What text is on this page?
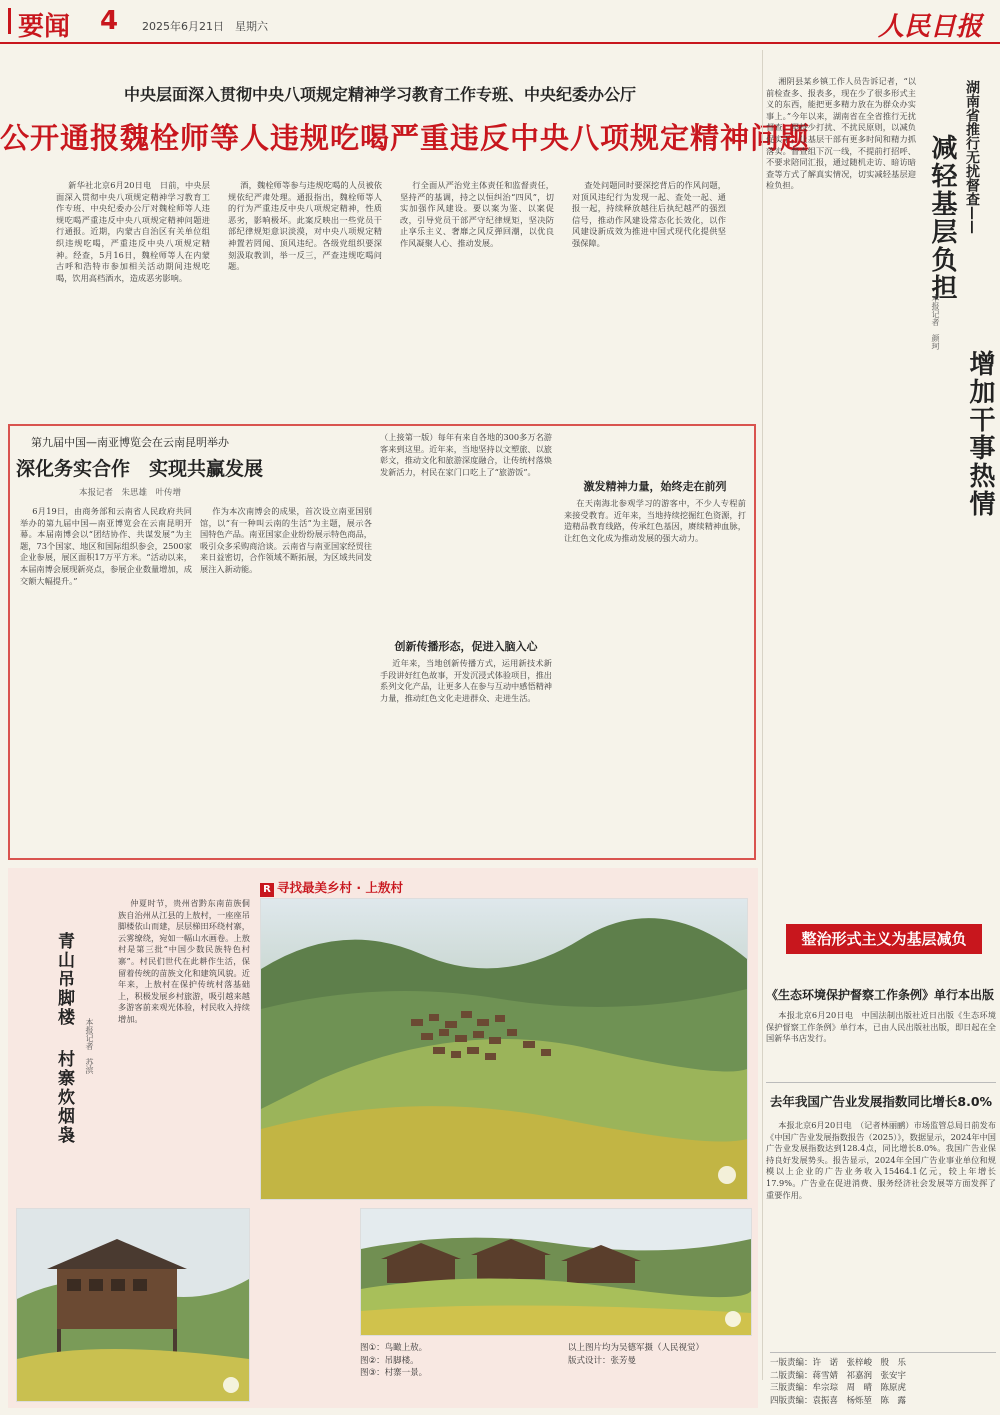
要闻 4 2025年6月21日　星期六	人民日报
中央层面深入贯彻中央八项规定精神学习教育工作专班、中央纪委办公厅
公开通报魏栓师等人违规吃喝严重违反中央八项规定精神问题
新华社北京6月20日电　日前，中央层面深入贯彻中央八项规定精神学习教育工作专班、中央纪委办公厅对魏栓师等人违规吃喝严重违反中央八项规定精神问题进行通报。近期，内蒙古自治区有关单位组织违规吃喝，严重违反中央八项规定精神。经查，5月16日，魏栓师等人在内蒙古呼和浩特市参加相关活动期间违规吃喝，饮用高档酒水，造成恶劣影响。
酒，魏栓师等参与违规吃喝的人员被依规依纪严肃处理。通报指出，魏栓师等人的行为严重违反中央八项规定精神，性质恶劣，影响极坏。此案反映出一些党员干部纪律规矩意识淡漠，对中央八项规定精神置若罔闻、顶风违纪。各级党组织要深刻汲取教训，举一反三，严查违规吃喝问题。
行全面从严治党主体责任和监督责任，坚持严的基调，持之以恒纠治“四风”，切实加强作风建设。要以案为鉴、以案促改，引导党员干部严守纪律规矩，坚决防止享乐主义、奢靡之风反弹回潮，以优良作风凝聚人心、推动发展。
查处问题同时要深挖背后的作风问题，对顶风违纪行为发现一起、查处一起、通报一起，持续释放越往后执纪越严的强烈信号，推动作风建设常态化长效化，以作风建设新成效为推进中国式现代化提供坚强保障。
湘阴县某乡镇工作人员告诉记者，“以前检查多、报表多，现在少了很多形式主义的东西，能把更多精力放在为群众办实事上。”今年以来，湖南省在全省推行无扰督查，坚持少打扰、不扰民原则，以减负促实干，让基层干部有更多时间和精力抓落实。督查组下沉一线，不提前打招呼、不要求陪同汇报，通过随机走访、暗访暗查等方式了解真实情况，切实减轻基层迎检负担。	湖南省推行无扰督查——
减轻基层负担
本报记者　颜珂
增加干事热情
整治形式主义为基层减负
《生态环境保护督察工作条例》单行本出版
本报北京6月20日电　中国法制出版社近日出版《生态环境保护督察工作条例》单行本，已由人民出版社出版，即日起在全国新华书店发行。
去年我国广告业发展指数同比增长8.0%
本报北京6月20日电　（记者林丽鹂）市场监管总局日前发布《中国广告业发展指数报告（2025）》，数据显示，2024年中国广告业发展指数达到128.4点，同比增长8.0%。我国广告业保持良好发展势头。报告显示，2024年全国广告业事业单位和规模以上企业的广告业务收入15464.1亿元，较上年增长17.9%。广告业在促进消费、服务经济社会发展等方面发挥了重要作用。
一版责编：许　诺　张梓峻　殷　乐
二版责编：蒋雪婧　祁嘉润　张安宇
三版责编：牟宗琮　周　晴　陈原虎
四版责编：袁振喜　杨烁堃　陈　露
第九届中国—南亚博览会在云南昆明举办
深化务实合作　实现共赢发展
本报记者　朱思雄　叶传增
6月19日，由商务部和云南省人民政府共同举办的第九届中国—南亚博览会在云南昆明开幕。本届南博会以“团结协作、共谋发展”为主题，73个国家、地区和国际组织参会，2500家企业参展，展区面积17万平方米。“活动以来，本届南博会展现新亮点，参展企业数量增加，成交额大幅提升。”
作为本次南博会的成果，首次设立南亚国别馆，以“有一种叫云南的生活”为主题，展示各国特色产品。南亚国家企业纷纷展示特色商品，吸引众多采购商洽谈。云南省与南亚国家经贸往来日益密切，合作领域不断拓展，为区域共同发展注入新动能。
（上接第一版）每年有来自各地的300多万名游客来到这里。近年来，当地坚持以文塑旅、以旅彰文，推动文化和旅游深度融合，让传统村落焕发新活力，村民在家门口吃上了“旅游饭”。
创新传播形态，促进入脑入心
近年来，当地创新传播方式，运用新技术新手段讲好红色故事，开发沉浸式体验项目，推出系列文化产品，让更多人在参与互动中感悟精神力量，推动红色文化走进群众、走进生活。
激发精神力量，始终走在前列
在天南海北参观学习的游客中，不少人专程前来接受教育。近年来，当地持续挖掘红色资源，打造精品教育线路，传承红色基因，赓续精神血脉，让红色文化成为推动发展的强大动力。
R 寻找最美乡村 · 上敖村
青山吊脚楼
本报记者　苏滨
村寨炊烟袅
仲夏时节，贵州省黔东南苗族侗族自治州从江县的上敖村，一座座吊脚楼依山而建，层层梯田环绕村寨，云雾缭绕，宛如一幅山水画卷。上敖村是第三批“中国少数民族特色村寨”。村民们世代在此耕作生活，保留着传统的苗族文化和建筑风貌。近年来，上敖村在保护传统村落基础上，积极发展乡村旅游，吸引越来越多游客前来观光体验，村民收入持续增加。
图①：鸟瞰上敖。
图②：吊脚楼。
图③：村寨一景。
以上图片均为吴德军摄（人民视觉）
版式设计：张芳曼
